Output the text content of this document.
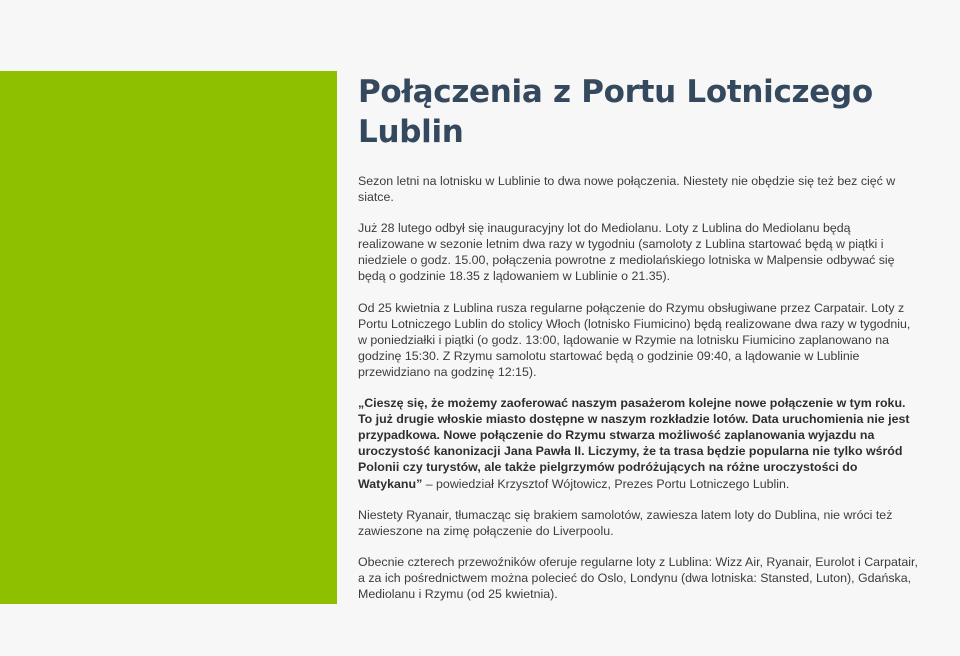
Połączenia z Portu Lotniczego Lublin

Sezon letni na lotnisku w Lublinie to dwa nowe połączenia. Niestety nie obędzie się też bez cięć w siatce.

Już 28 lutego odbył się inauguracyjny lot do Mediolanu. Loty z Lublina do Mediolanu będą realizowane w sezonie letnim dwa razy w tygodniu (samoloty z Lublina startować będą w piątki i niedziele o godz. 15.00, połączenia powrotne z mediolańskiego lotniska w Malpensie odbywać się będą o godzinie 18.35 z lądowaniem w Lublinie o 21.35).

Od 25 kwietnia z Lublina rusza regularne połączenie do Rzymu obsługiwane przez Carpatair. Loty z Portu Lotniczego Lublin do stolicy Włoch (lotnisko Fiumicino) będą realizowane dwa razy w tygodniu, w poniedziałki i piątki (o godz. 13:00, lądowanie w Rzymie na lotnisku Fiumicino zaplanowano na godzinę 15:30. Z Rzymu samolotu startować będą o godzinie 09:40, a lądowanie w Lublinie przewidziano na godzinę 12:15).

„Cieszę się, że możemy zaoferować naszym pasażerom kolejne nowe połączenie w tym roku. To już drugie włoskie miasto dostępne w naszym rozkładzie lotów. Data uruchomienia nie jest przypadkowa. Nowe połączenie do Rzymu stwarza możliwość zaplanowania wyjazdu na uroczystość kanonizacji Jana Pawła II. Liczymy, że ta trasa będzie popularna nie tylko wśród Polonii czy turystów, ale także pielgrzymów podróżujących na różne uroczystości do Watykanu” – powiedział Krzysztof Wójtowicz, Prezes Portu Lotniczego Lublin.

Niestety Ryanair, tłumacząc się brakiem samolotów, zawiesza latem loty do Dublina, nie wróci też zawieszone na zimę połączenie do Liverpoolu.

Obecnie czterech przewoźników oferuje regularne loty z Lublina: Wizz Air, Ryanair, Eurolot i Carpatair, a za ich pośrednictwem można polecieć do Oslo, Londynu (dwa lotniska: Stansted, Luton), Gdańska, Mediolanu i Rzymu (od 25 kwietnia).
